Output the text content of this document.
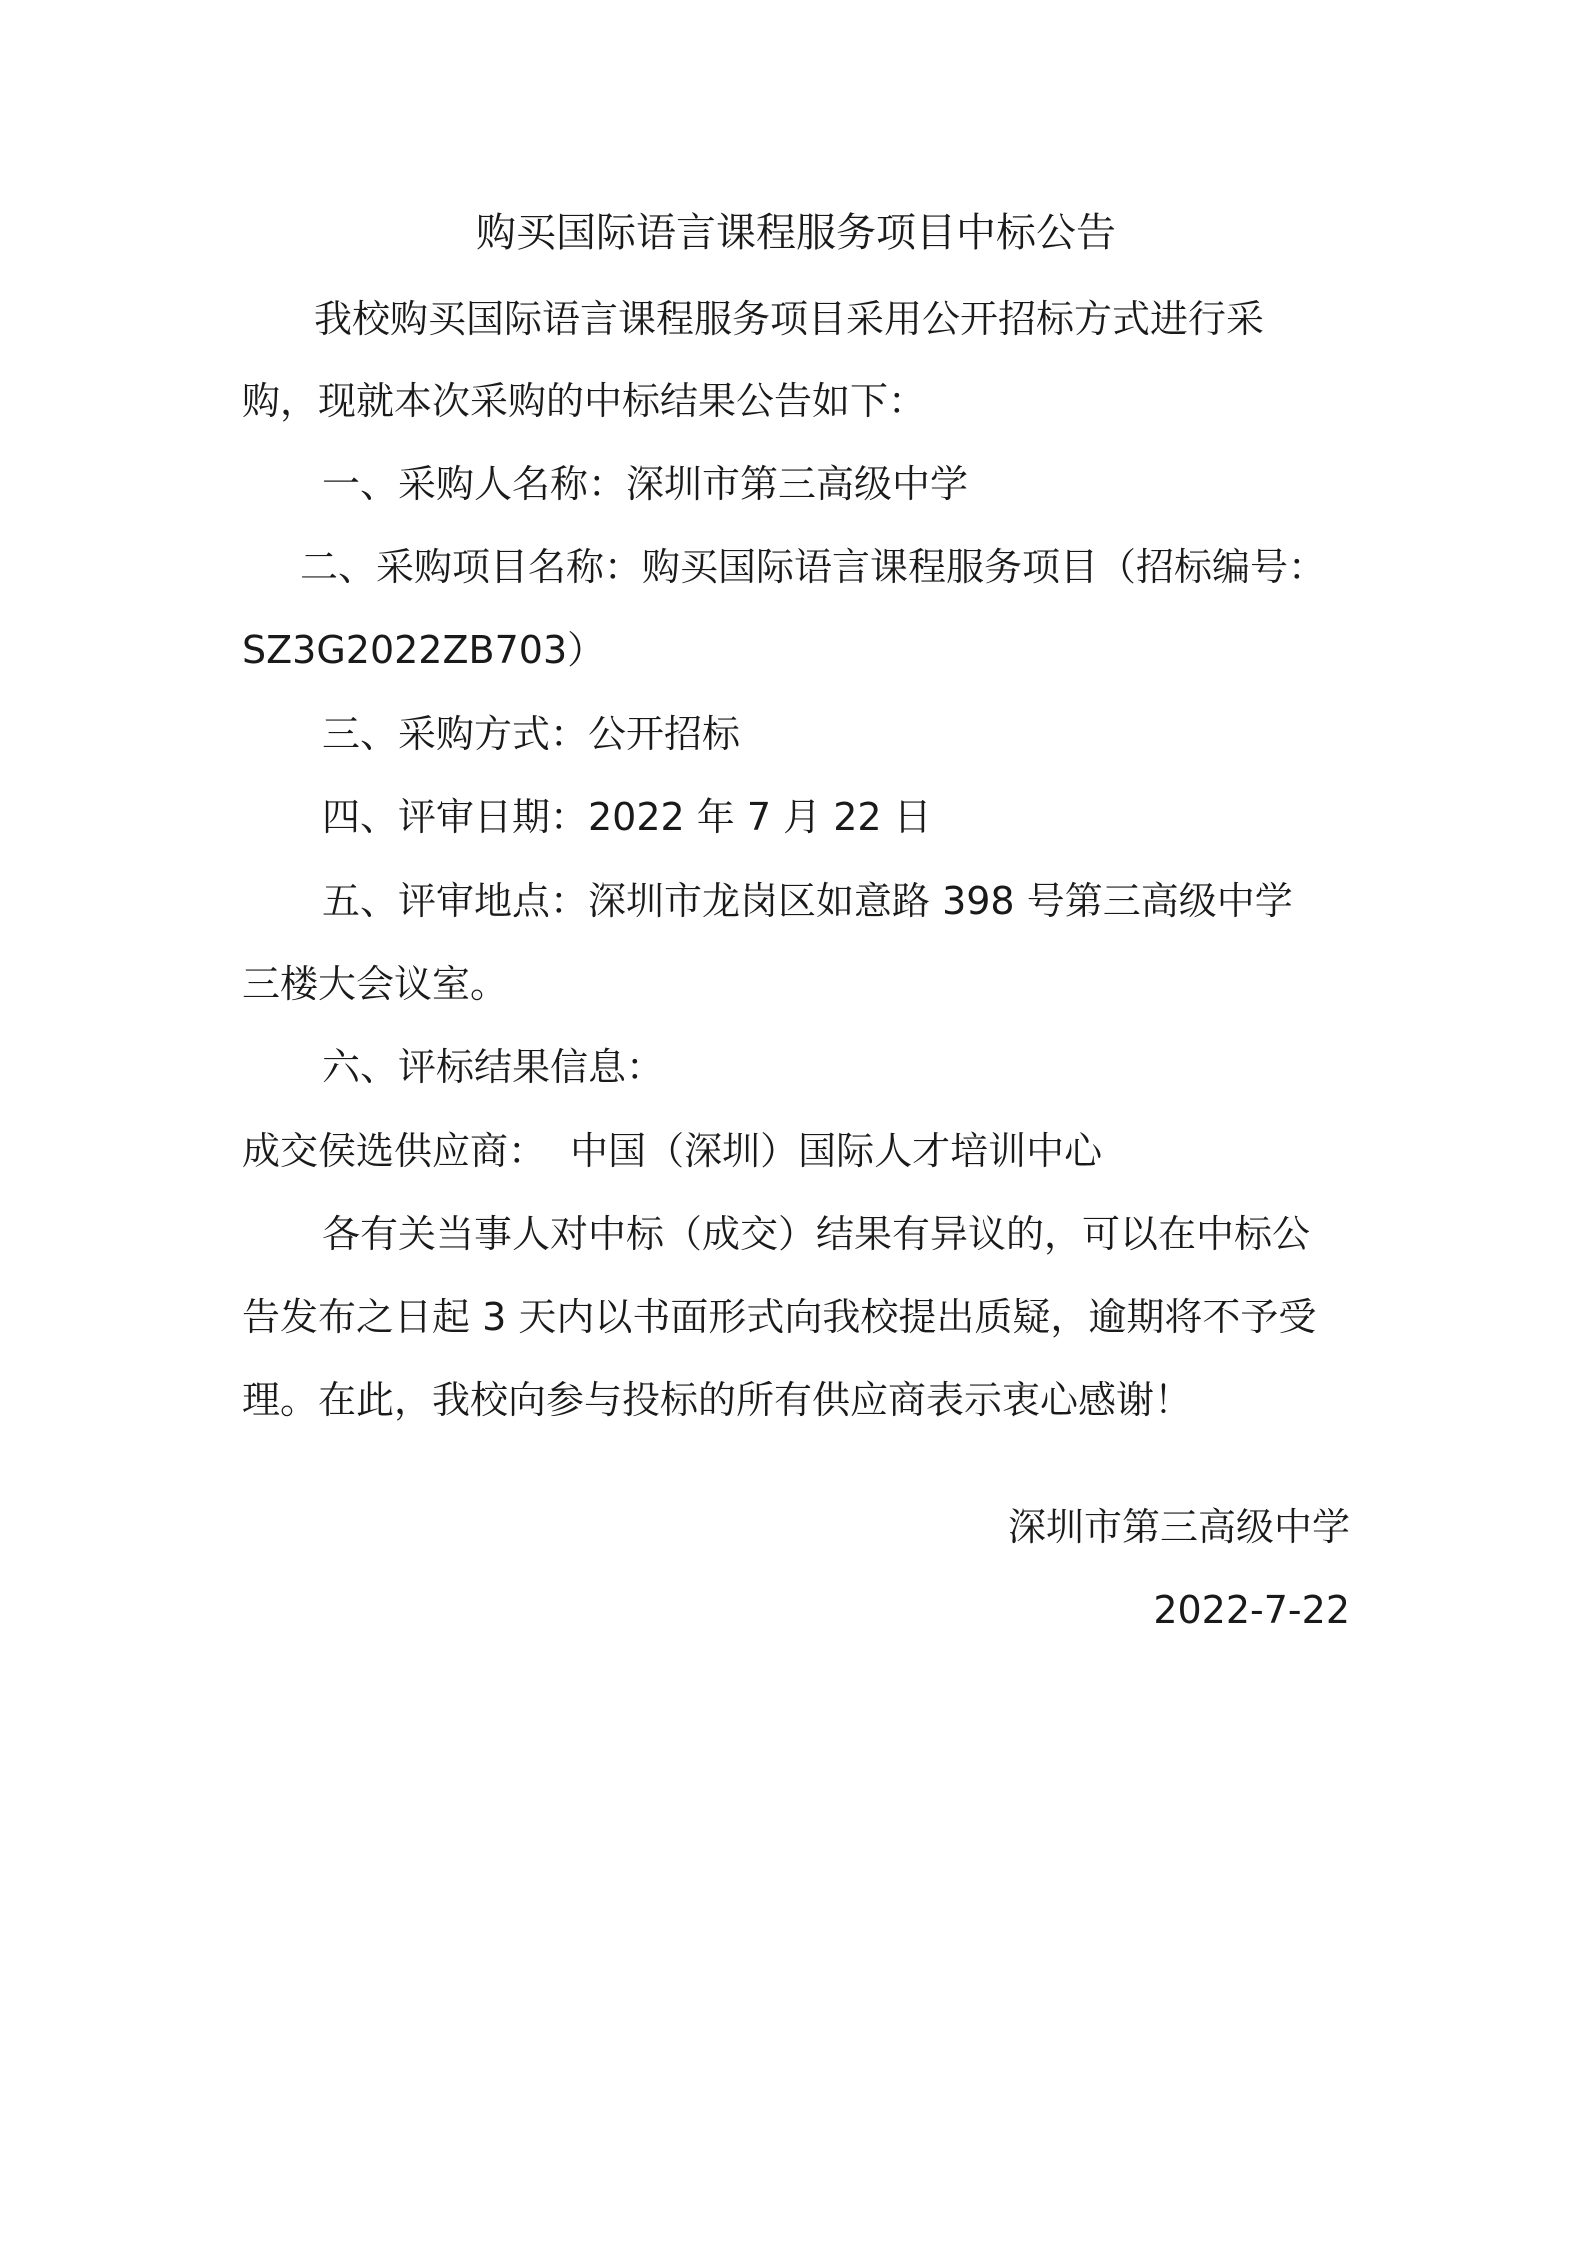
购买国际语言课程服务项目中标公告
我校购买国际语言课程服务项目采用公开招标方式进行采
购，现就本次采购的中标结果公告如下：
一、采购人名称：深圳市第三高级中学
二、采购项目名称：购买国际语言课程服务项目（招标编号：
SZ3G2022ZB703）
三、采购方式：公开招标
四、评审日期：2022 年 7 月 22 日
五、评审地点：深圳市龙岗区如意路 398 号第三高级中学
三楼大会议室。
六、评标结果信息：
成交侯选供应商：  中国（深圳）国际人才培训中心
各有关当事人对中标（成交）结果有异议的，可以在中标公
告发布之日起 3 天内以书面形式向我校提出质疑，逾期将不予受
理。在此，我校向参与投标的所有供应商表示衷心感谢！
深圳市第三高级中学
2022-7-22
